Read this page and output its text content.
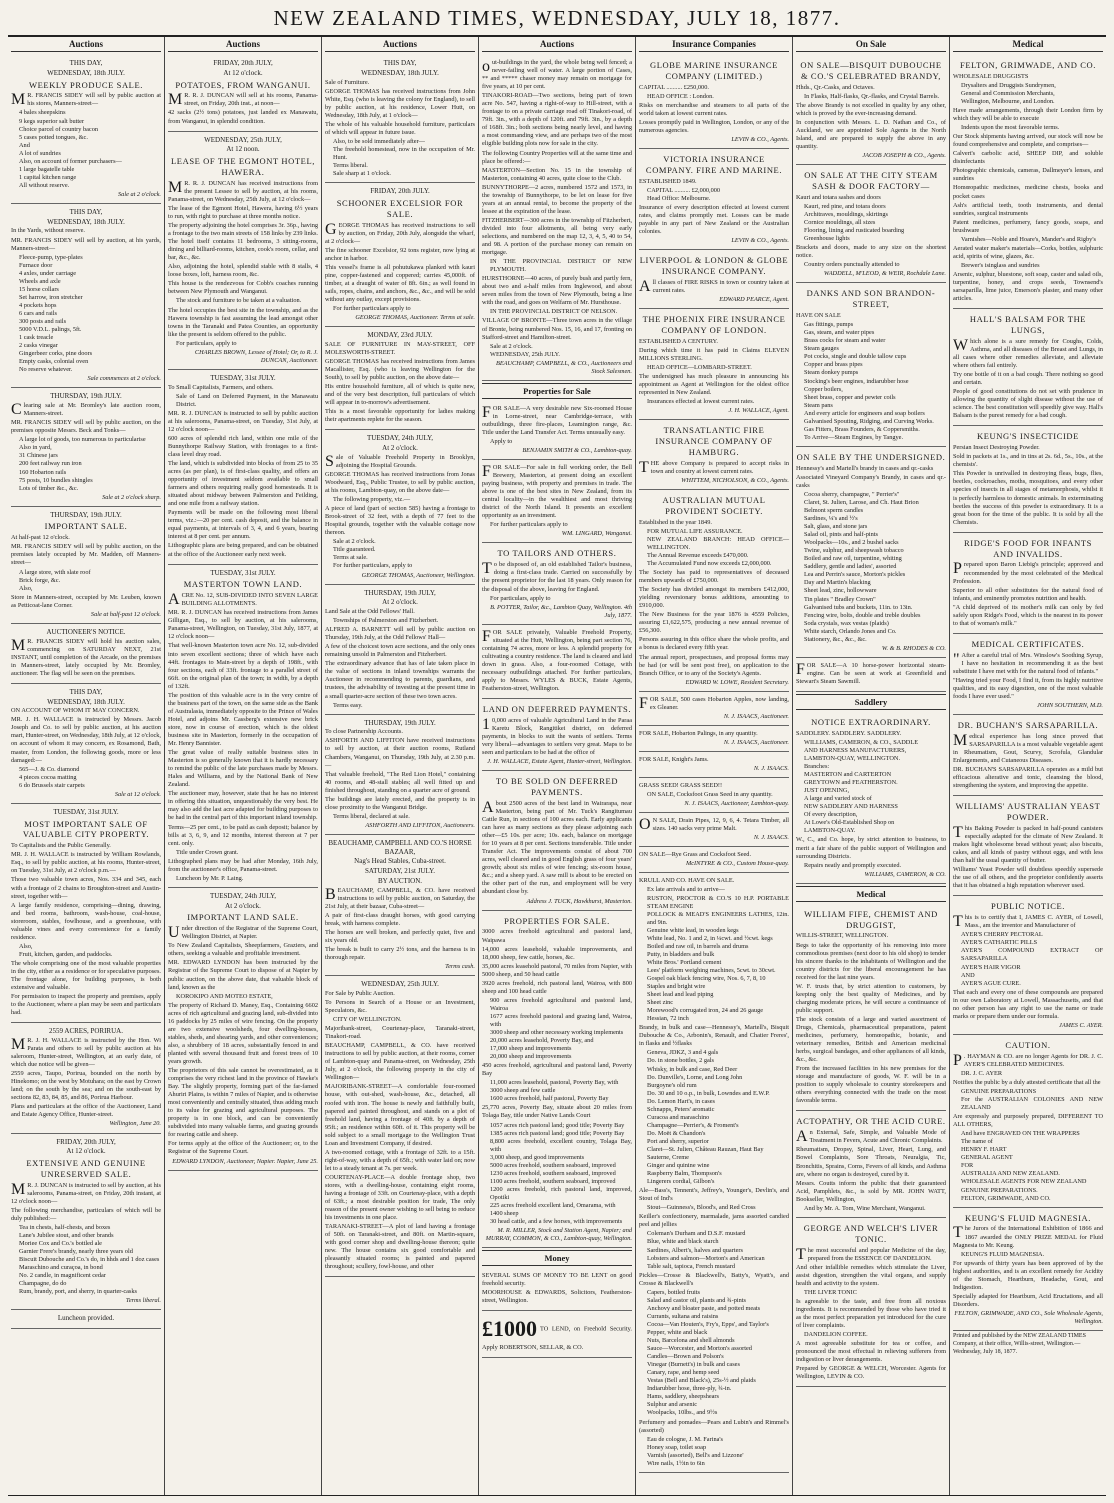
NEW ZEALAND TIMES, WEDNESDAY, JULY 18, 1877.
Auctions
THIS DAY,
WEDNESDAY, 18th JULY.
WEEKLY PRODUCE SALE.

M R. FRANCIS SIDEY will sell by public auction at his stores, Manners-street—

4 bales sheepskins

9 kegs superior salt butter

Choice parcel of country bacon

5 cases potted tongues, &c.

And

A lot of sundries

Also, on account of former purchasers—

1 large bagatelle table

1 capital kitchen range

All without reserve.

Sale at 2 o'clock.
THIS DAY,
WEDNESDAY, 18th JULY.

In the Yards, without reserve.

MR. FRANCIS SIDEY will sell by auction, at his yards, Manners-street—

Fleece-pump, type-plates

Furnace door

4 axles, under carriage

Wheels and axle

15 horse collars

Set harrow, iron stretcher

4 pockets hops

6 cars and rails

300 posts and rails

5000 V.D.L. palings, 5ft.

1 cask treacle

2 casks vinegar

Gingerbeer corks, pine doors

Empty casks, colonial oven

No reserve whatever.

Sale commences at 2 o'clock.
THURSDAY, 19th JULY.

Clearing sale at Mr. Bromley's late auction room, Manners-street.

MR. FRANCIS SIDEY will sell by public auction, on the premises opposite Messrs. Beck and Tonks—

A large lot of goods, too numerous to particularise

Also in yard,

31 Chinese jars

200 feet railway run iron

160 Hobarton rails

75 posts, 10 bundles shingles

Lots of timber &c., &c.

Sale at 2 o'clock sharp.
THURSDAY, 19th JULY.
IMPORTANT SALE.

At half-past 12 o'clock.

MR. FRANCIS SIDEY will sell by public auction, on the premises lately occupied by Mr. Madden, off Manners-street—

A large store, with slate roof

Brick forge, &c.

Also,

Store in Manners-street, occupied by Mr. Leuben, known as Petticoat-lane Corner.

Sale at half-past 12 o'clock.
AUCTIONEER'S NOTICE.

M R. FRANCIS SIDEY will hold his auction sales, commencing on SATURDAY NEXT, 21st INSTANT, until completion of the Arcade, on the premises in Manners-street, lately occupied by Mr. Bromley, auctioneer. The flag will be seen on the premises.

THIS DAY,
WEDNESDAY, 18th JULY.

ON ACCOUNT OF WHOM IT MAY CONCERN.

MR. J. H. WALLACE is instructed by Messrs. Jacob Joseph and Co. to sell by public auction, at his auction mart, Hunter-street, on Wednesday, 18th July, at 12 o'clock, on account of whom it may concern, ex Rosamond, Bath, master, from London, the following goods, more or less damaged:—

565—J. & Co. diamond

4 pieces cocoa matting

6 do Brussels stair carpets

Sale at 12 o'clock.
TUESDAY, 31st JULY.
MOST IMPORTANT SALE OF VALUABLE CITY PROPERTY.

To Capitalists and the Public Generally.

MR. J. H. WALLACE is instructed by William Rowlands, Esq., to sell by public auction, at his rooms, Hunter-street, on Tuesday, 31st July, at 2 o'clock p.m.—

Those two valuable town acres, Nos. 334 and 345, each with a frontage of 2 chains to Broughton-street and Austin-street, together with—

A large family residence, comprising—dining, drawing, and bed rooms, bathroom, wash-house, coal-house, storeroom, stables, fowlhouse, and a greenhouse, with valuable vines and every convenience for a family residence.

Also,

Fruit, kitchen, garden, and paddocks.

The whole comprising one of the most valuable properties in the city, either as a residence or for speculative purposes. The frontage alone, for building purposes, is both extensive and valuable.

For permission to inspect the property and premises, apply to the Auctioneer, where a plan may be seen and particulars had.

2559 ACRES, PORIRUA.

M R. J. H. WALLACE is instructed by the Hon. Wi Parata and others to sell by public auction at his saleroom, Hunter-street, Wellington, at an early date, of which due notice will be given—

2559 acres, Taupo, Porirua, bounded on the north by Hinekomo; on the west by Motuhara; on the east by Crown land; on the south by the sea; and on the south-east by sections 82, 83, 84, 85, and 86, Porirua Harbour.

Plans and particulars at the office of the Auctioneer, Land and Estate Agency Office, Hunter-street.

Wellington, June 20.
FRIDAY, 20th JULY,
At 12 o'clock.
EXTENSIVE AND GENUINE UNRESERVED SALE.

M R. J. DUNCAN is instructed to sell by auction, at his salerooms, Panama-street, on Friday, 20th instant, at 12 o'clock noon—

The following merchandise, particulars of which will be duly published:—

Tea in chests, half-chests, and boxes

Lane's Jubilee stout, and other brands

Moriee Cox and Co.'s bottled ale

Garnier Frere's brandy, nearly three years old

Biscuit Dubouche and Co.'s do, in hhds and 1 doz cases

Maraschino and curaçoa, in bond

No. 2 candle, in magnificent cedar

Champagne, do do

Rum, brandy, port, and sherry, in quarter-casks

Terms liberal.
Luncheon provided.
Auctions
FRIDAY, 20th JULY,
At 12 o'clock.
POTATOES, FROM WANGANUI.

M R. R. J. DUNCAN will sell at his rooms, Panama-street, on Friday, 20th inst., at noon—

42 sacks (2½ tons) potatoes, just landed ex Manawatu, from Wanganui, in splendid condition.

WEDNESDAY, 25th JULY,
At 12 noon.
LEASE OF THE EGMONT HOTEL, HAWERA.

M R. R. J. DUNCAN has received instructions from the present Lessee to sell by auction, at his rooms, Panama-street, on Wednesday, 25th July, at 12 o'clock—

The lease of the Egmont Hotel, Hawera, having 6½ years to run, with right to purchase at three months notice.

The property adjoining the hotel comprises 3r. 36p., having a frontage to the two main streets of 158 links by 239 links. The hotel itself contains 11 bedrooms, 3 sitting-rooms, dining and billiard-rooms, kitchen, cook's room, cellar, and bar, &c., &c.

Also, adjoining the hotel, splendid stable with 8 stalls, 4 loose boxes, loft, harness room, &c.

This house is the rendezvous for Cobb's coaches running between New Plymouth and Wanganui.

The stock and furniture to be taken at a valuation.

The hotel occupies the best site in the township, and as the Hawera township is fast assuming the lead amongst other towns in the Taranaki and Patea Counties, an opportunity like the present is seldom offered to the public.

For particulars, apply to

CHARLES BROWN, Lessee of Hotel; Or, to R. J. DUNCAN, Auctioneer.
TUESDAY, 31st JULY.

To Small Capitalists, Farmers, and others.

Sale of Land on Deferred Payment, in the Manawatu District.

MR. R. J. DUNCAN is instructed to sell by public auction at his salerooms, Panama-street, on Tuesday, 31st July, at 12 o'clock noon—

600 acres of splendid rich land, within one mile of the Bunnythorpe Railway Station, with frontages to a first-class level dray road.

The land, which is subdivided into blocks of from 25 to 35 acres (as per plan), is of first-class quality, and offers an opportunity of investment seldom available to small farmers and others requiring really good homesteads. It is situated about midway between Palmerston and Feilding, and one mile from a railway station.

Payments will be made on the following most liberal terms, viz.:—20 per cent. cash deposit, and the balance in equal payments, at intervals of 3, 4, and 6 years, bearing interest at 8 per cent. per annum.

Lithographic plans are being prepared, and can be obtained at the office of the Auctioneer early next week.

TUESDAY, 31st JULY.
MASTERTON TOWN LAND.

ACRE No. 12, SUB-DIVIDED INTO SEVEN LARGE BUILDING ALLOTMENTS.

MR. R. J. DUNCAN has received instructions from James Gilligan, Esq., to sell by auction, at his salerooms, Panama-street, Wellington, on Tuesday, 31st July, 1877, at 12 o'clock noon—

That well-known Masterton town acre No. 12, sub-divided into seven excellent sections; three of which have each 44ft. frontages to Main-street by a depth of 198ft., with four sections, each of 33ft. frontage to a parallel street of 66ft. on the original plan of the town; in width, by a depth of 132ft.

The position of this valuable acre is in the very centre of the business part of the town, on the same side as the Bank of Australasia, immediately opposite to the Prince of Wales Hotel, and adjoins Mr. Cassberg's extensive new brick store, now in course of erection, which is the oldest business site in Masterton, formerly in the occupation of Mr. Henry Bannister.

The great value of really suitable business sites in Masterton is so generally known that it is hardly necessary to remind the public of the late purchases made by Messrs. Hales and Williams, and by the National Bank of New Zealand.

The auctioneer may, however, state that he has no interest in offering this situation, unquestionably the very best. He may also add the last acre adapted for building purposes to be had in the central part of this important inland township.

Terms—25 per cent., to be paid as cash deposit; balance by bills at 3, 6, 9, and 12 months, interest thereon at 7 per cent. only.

Title under Crown grant.

Lithographed plans may be had after Monday, 16th July, from the auctioneer's office, Panama-street.

Luncheon by Mr. P. Laing.

TUESDAY, 24th JULY,
At 2 o'clock.
IMPORTANT LAND SALE.

Under direction of the Registrar of the Supreme Court, Wellington District, at Napier.

To New Zealand Capitalists, Sheepfarmers, Graziers, and others, seeking a valuable and profitable investment.

MR. EDWARD LYNDON has been instructed by the Registrar of the Supreme Court to dispose of at Napier by public auction, on the above date, that valuable block of land, known as the

KOROKIPO AND MOTEO ESTATE,

The property of Richard D. Maney, Esq., Containing 6602 acres of rich agricultural and grazing land, sub-divided into 16 paddocks by 25 miles of wire fencing. On the property are two extensive woolsheds, four dwelling-houses, stables, sheds, and shearing yards, and other conveniences; also, a shrubbery of 18 acres, substantially fenced in and planted with several thousand fruit and forest trees of 10 years growth.

The proprietors of this sale cannot be overestimated, as it comprises the very richest land in the province of Hawke's Bay. The slightly property, forming part of the far-famed Ahuriri Plains, is within 7 miles of Napier, and is otherwise most conveniently and centrally situated, thus adding much to its value for grazing and agricultural purposes. The property is in one block, and can be conveniently subdivided into many valuable farms, and grazing grounds for rearing cattle and sheep.

For terms apply at the office of the Auctioneer; or, to the Registrar of the Supreme Court.

EDWARD LYNDON, Auctioneer, Napier. Napier, June 25.
Auctions
THIS DAY,
WEDNESDAY, 18th JULY.

Sale of Furniture.

GEORGE THOMAS has received instructions from John White, Esq. (who is leaving the colony for England), to sell by public auction, at his residence, Lower Hutt, on Wednesday, 18th July, at 1 o'clock—

The whole of his valuable household furniture, particulars of which will appear in future issue.

Also, to be sold immediately after—

The freehold homestead, now in the occupation of Mr. Hunt.

Terms liberal.

Sale sharp at 1 o'clock.

FRIDAY, 20th JULY.
SCHOONER EXCELSIOR FOR SALE.

GEORGE THOMAS has received instructions to sell by auction, on Friday, 20th July, alongside the wharf, at 2 o'clock—

The fine schooner Excelsior, 92 tons register, now lying at anchor in harbor.

This vessel's frame is all pohutukawa planked with kauri pine, copper-fastened and coppered; carries 45,000ft. of timber, at a draught of water of 8ft. 6in.; as well found in sails, ropes, chains, and anchors, &c., &c., and will be sold without any outlay, except provisions.

For further particulars apply to

GEORGE THOMAS, Auctioneer. Terms at sale.
MONDAY, 23rd JULY.

SALE OF FURNITURE IN MAY-STREET, OFF MOLESWORTH-STREET.

GEORGE THOMAS has received instructions from James Macallister, Esq. (who is leaving Wellington for the South), to sell by public auction, on the above date—

His entire household furniture, all of which is quite new, and of the very best description, full particulars of which will appear in to-morrow's advertisement.

This is a most favorable opportunity for ladies making their apartments replete for the season.

TUESDAY, 24th JULY,
At 2 o'clock.

Sale of Valuable Freehold Property in Brooklyn, adjoining the Hospital Grounds.

GEORGE THOMAS has received instructions from Jonas Woodward, Esq., Public Trustee, to sell by public auction, at his rooms, Lambton-quay, on the above date—

The following property, viz.—

A piece of land (part of section 585) having a frontage to Brook-street of 32 feet, with a depth of 77 feet to the Hospital grounds, together with the valuable cottage now thereon.

Sale at 2 o'clock.

Title guaranteed.

Terms at sale.

For further particulars, apply to

GEORGE THOMAS, Auctioneer, Wellington.
THURSDAY, 19th JULY,
At 2 o'clock.

Land Sale at the Odd Fellows' Hall.

Townships of Palmerston and Fitzherbert.

ALFRED A. BARNETT will sell by public auction on Thursday, 19th July, at the Odd Fellows' Hall—

A few of the choicest town acre sections, and the only ones remaining unsold in Palmerston and Fitzherbert.

The extraordinary advance that has of late taken place in the value of sections in inland townships warrants the Auctioneer in recommending to parents, guardians, and trustees, the advisability of investing at the present time in a small quarter-acre section of these two town acres.

Terms easy.

THURSDAY, 19th JULY.

To close Partnership Accounts.

ASHFORTH AND LIFFITON have received instructions to sell by auction, at their auction rooms, Rutland Chambers, Wanganui, on Thursday, 19th July, at 2.30 p.m.—

That valuable freehold, "The Red Lion Hotel," containing 40 rooms, and 48-stall stables; all well fitted up and finished throughout, standing on a quarter acre of ground.

The buildings are lately erected, and the property is in close proximity to the Wanganui Bridge.

Terms liberal, declared at sale.

ASHFORTH AND LIFFITON, Auctioneers.
BEAUCHAMP, CAMPBELL AND CO.'S HORSE BAZAAR,
Nag's Head Stables, Cuba-street.
SATURDAY, 21st JULY.
BY AUCTION.

BEAUCHAMP, CAMPBELL, & CO. have received instructions to sell by public auction, on Saturday, the 21st July, at their bazaar, Cuba-street—

A pair of first-class draught horses, with good carrying break, with harness complete.

The horses are well broken, and perfectly quiet, five and six years old.

The break is built to carry 2½ tons, and the harness is in thorough repair.

Terms cash.
WEDNESDAY, 25th JULY.

For Sale by Public Auction.

To Persons in Search of a House or an Investment, Speculators, &c.

CITY OF WELLINGTON.

Majoribank-street, Courtenay-place, Taranaki-street, Tinakori-road.

BEAUCHAMP, CAMPBELL, & CO. have received instructions to sell by public auction, at their rooms, corner of Lambton-quay and Panama-street, on Wednesday, 25th July, at 2 o'clock, the following property in the city of Wellington—

MAJORIBANK-STREET—A comfortable four-roomed house, with out-shed, wash-house, &c., detached, all roofed with iron. The house is newly and faithfully built, papered and painted throughout, and stands on a plot of freehold land, having a frontage of 40ft. by a depth of 95ft.; an residence within 60ft. of it. This property will be sold subject to a small mortgage to the Wellington Trust Loan and Investment Company, if desired.

A two-roomed cottage, with a frontage of 32ft. to a 15ft. right-of-way, with a depth of 65ft.; with water laid on; now let to a steady tenant at 7s. per week.

COURTENAY-PLACE—A double frontage shop, two stores, with a dwelling-house, containing eight rooms, having a frontage of 33ft. on Courtenay-place, with a depth of 63ft.; a most desirable position for trade, The only reason of the present owner wishing to sell being to reduce his investments in one place.

TARANAKI-STREET—A plot of land having a frontage of 50ft. on Taranaki-street, and 80ft. on Martin-square, with good corner shop and dwelling-house thereon; quite new. The house contains six good comfortable and pleasantly situated rooms; is painted and papered throughout; scullery, fowl-house, and other

Auctions

out-buildings in the yard, the whole being well fenced; a never-failing well of water. A large portion of Cases, ** and ***** chaser money may remain on mortgage for five years, at 10 per cent.

TINAKORI-ROAD—Two sections, being part of town acre No. 547, having a right-of-way to Hill-street, with a frontage to on a private carriage road off Tinakori-road, of 79ft. 3in., with a depth of 120ft. and 79ft. 3in., by a depth of 168ft. 3in.; both sections being nearly level, and having a most commanding view, and are perhaps two of the most eligible building plots now for sale in the city.

The following Country Properties will at the same time and place be offered:—

MASTERTON—Section No. 15 in the township of Masterton, containing 40 acres, quite close to the Club.

BUNNYTHORPE—2 acres, numbered 1572 and 1573, in the township of Bunnythorpe, to be let on lease for five years at an annual rental, to become the property of the lessee at the expiration of the lease.

FITZHERBERT—300 acres in the township of Fitzherbert, divided into four allotments, all being very early selections, and numbered on the map 12, 3, 4, 5, 40 to 54, and 98. A portion of the purchase money can remain on mortgage.

IN THE PROVINCIAL DISTRICT OF NEW PLYMOUTH.

HURSTHORNE—40 acres, of purely bush and partly fern, about two and a-half miles from Inglewood, and about seven miles from the town of New Plymouth, being a line with the road, and goes on Welfarm of Mr. Hursthouse.

IN THE PROVINCIAL DISTRICT OF NELSON.

VILLAGE OF BRONTE—Three town acres in the village of Bronte, being numbered Nos. 15, 16, and 17, fronting on Stafford-street and Hamilton-street.

Sale at 2 o'clock.

WEDNESDAY, 25th JULY.

BEAUCHAMP, CAMPBELL, & CO., Auctioneers and Stock Salesmen.
Properties for Sale

FOR SALE—A very desirable new Six-roomed House in Lorne-street, near Cambridge-terrace, with outbuildings, three fire-places, Leamington range, &c. Title under the Land Transfer Act. Terms unusually easy.

Apply to

BENJAMIN SMITH & CO., Lambton-quay.

FOR SALE—For sale in full working order, the Bell Brewery, Masterton, at present doing an excellent paying business, with property and premises in trade. The above is one of the best sites in New Zealand, from its central locality—in the wealthiest and most thriving district of the North Island. It presents an excellent opportunity as an investment.

For further particulars apply to

WM. LINGARD, Wanganui.
TO TAILORS AND OTHERS.

To be disposed of, an old established Tailor's business, doing a first-class trade. Carried on successfully by the present proprietor for the last 18 years. Only reason for the disposal of the above, leaving for England.

For particulars, apply to

B. POTTER, Tailor, &c., Lambton Quay, Wellington. 4th July, 1877.

FOR SALE privately, Valuable Freehold Property, situated at the Hutt, Wellington, being part section 76, containing 74 acres, more or less. A splendid property for cultivating a country residence. The land is cleared and laid down in grass. Also, a four-roomed Cottage, with necessary outbuildings attached. For further particulars, apply to Messrs. WYLES & BUCK, Estate Agents, Featherston-street, Wellington.

LAND ON DEFERRED PAYMENTS.

1 0,000 acres of valuable Agricultural Land in the Paraa Karetu Block, Rangitikei district, on deferred payments, in blocks to suit the wants of settlers. Terms very liberal—advantages to settlers very great. Maps to be seen and particulars to be had at the office of

J. H. WALLACE, Estate Agent, Hunter-street, Wellington.
TO BE SOLD ON DEFERRED PAYMENTS.

About 2500 acres of the best land in Wairarapa, near Masterton, being part of Mr. Tuck's Rangitumau Cattle Run, in sections of 100 acres each. Early applicants can have as many sections as they please adjoining each other—£5 10s. per acre; 10s. each, balance on mortgage for 10 years at 8 per cent. Sections transferable. Title under Transfer Act. The improvements consist of about 700 acres, well cleared and in good English grass of four years' growth; about six miles of wire fencing; six-room house, &c.; and a sheep yard. A saw mill is about to be erected on the other part of the run, and employment will be very abundant close by.

Address J. TUCK, Hawkhurst, Masterton.
PROPERTIES FOR SALE.

3000 acres freehold agricultural and pastoral land, Waipawa

14,000 acres leasehold, valuable improvements, and 18,000 sheep, few cattle, horses, &c.

35,000 acres leasehold pastoral, 70 miles from Napier, with 5000 sheep, and 50 head cattle

3920 acres freehold, rich pastoral land, Wairoa, with 800 sheep and 100 head cattle

900 acres freehold agricultural and pastoral land, Wairoa

1677 acres freehold pastoral and grazing land, Wairoa, with

3000 sheep and other necessary working implements

20,000 acres leasehold, Poverty Bay, and

17,000 sheep and improvements

20,000 sheep and improvements

450 acres freehold, agricultural and pastoral land, Poverty Bay

11,000 acres leasehold, pastoral, Poverty Bay, with

3000 sheep and few cattle

1600 acres freehold, half pastoral, Poverty Bay

25,770 acres, Poverty Bay, situate about 20 miles from Tolaga Bay, title under Native Lands Court

1057 acres rich pastoral land; good title; Poverty Bay

1385 acres rich pastoral land; good title; Poverty Bay

8,800 acres freehold, excellent country, Tolaga Bay, with

3,000 sheep, and good improvements

5000 acres freehold, southern seaboard, improved

1230 acres freehold, southern seaboard, improved

1100 acres freehold, southern seaboard, improved

1200 acres freehold, rich pastoral land, improved, Opotiki

225 acres freehold excellent land, Omarama, with

1400 sheep

30 head cattle, and a few horses, with improvements

M. R. MILLER, Stock and Station Agent, Napier; and MURRAY, COMMON, & CO., Lambton-quay, Wellington.
Money

SEVERAL SUMS OF MONEY TO BE LENT on good freehold security.

MOORHOUSE & EDWARDS, Solicitors, Featherston-street, Wellington.

£1000 TO LEND, on Freehold Security. Apply ROBERTSON, SELLAR, & CO.

Insurance Companies
GLOBE MARINE INSURANCE COMPANY (LIMITED.)

CAPITAL .......... £250,000.

HEAD OFFICE : London.

Risks on merchandise and steamers to all parts of the world taken at lowest current rates.

Losses promptly paid in Wellington, London, or any of the numerous agencies.

LEVIN & CO., Agents.
VICTORIA INSURANCE COMPANY. FIRE AND MARINE.

ESTABLISHED 1849.

CAPITAL .......... £2,000,000

Head Office: Melbourne.

Insurance of every description effected at lowest current rates, and claims promptly met. Losses can be made payable in any part of New Zealand or the Australian colonies.

LEVIN & CO., Agents.
LIVERPOOL & LONDON & GLOBE INSURANCE COMPANY.

All classes of FIRE RISKS in town or country taken at current rates.

EDWARD PEARCE, Agent.
THE PHOENIX FIRE INSURANCE COMPANY OF LONDON.

ESTABLISHED A CENTURY.

During which time it has paid in Claims ELEVEN MILLIONS STERLING.

HEAD OFFICE—LOMBARD-STREET.

The undersigned has much pleasure in announcing his appointment as Agent at Wellington for the oldest office represented in New Zealand.

Insurances effected at lowest current rates.

J. H. WALLACE, Agent.
TRANSATLANTIC FIRE INSURANCE COMPANY OF HAMBURG.

THE above Company is prepared to accept risks in town and country at lowest current rates.

WHITTEM, NICHOLSON, & CO., Agents.
AUSTRALIAN MUTUAL PROVIDENT SOCIETY.

Established in the year 1849.

FOR MUTUAL LIFE ASSURANCE.

NEW ZEALAND BRANCH: HEAD OFFICE—WELLINGTON.

The Annual Revenue exceeds £470,000.

The Accumulated Fund now exceeds £2,000,000.

The Society has paid to representatives of deceased members upwards of £750,000.

The Society has divided amongst its members £412,000, yielding reversionary bonus additions, amounting to £910,000.

The New Business for the year 1876 is 4559 Policies, assuring £1,622,575, producing a new annual revenue of £56,300.

Persons assuring in this office share the whole profits, and a bonus is declared every fifth year.

The annual report, prospectuses, and proposal forms may be had (or will be sent post free), on application to the Branch Office, or to any of the Society's Agents.

EDWARD W. LOWE, Resident Secretary.

FOR SALE, 500 cases Hobarton Apples, now landing, ex Gleaner.

N. J. ISAACS, Auctioneer.

FOR SALE, Hobarton Palings, in any quantity.

N. J. ISAACS, Auctioneer.

FOR SALE, Knight's Jams.

N. J. ISAACS.

GRASS SEED! GRASS SEED!!

ON SALE, Cocksfoot Grass Seed in any quantity.

N. J. ISAACS, Auctioneer, Lambton-quay.

O N SALE, Drain Pipes, 12, 9, 6, 4. Tetara Timber, all sizes. 140 sacks very prime Malt.

N. J. ISAACS.

ON SALE—Rye Grass and Cocksfoot Seed.

McINTYRE & CO., Custom House-quay.

KRULL AND CO. HAVE ON SALE.

Ex late arrivals and to arrive—

RUSTON, PROCTOR & CO.'S 10 H.P. PORTABLE STEAM ENGINE

POLLOCK & MEAD'S ENGINEERS LATHES, 12in. and 9in.

Genuine white lead, in wooden kegs

White lead, No. 1 and 2, in ¼cwt. and ½cwt. kegs

Boiled and raw oil, in barrels and drums

Putty, in bladders and bulk

White Bros.' Portland cement

Lees' platform weighing machines, 5cwt. to 30cwt.

Gospel oak black fencing wire, Nos. 6, 7, 8, 10

Staples and bright wire

Sheet lead and lead piping

Sheet zinc

Morewood's corrugated iron, 24 and 26 gauge

Hessian, 72 inch

Brandy, in bulk and case—Hennessy's, Martell's, Bisquit Dubouche & Co., Arbonin's, Renault, and Chatier Freres', in flasks and ½flasks

Geneva, JDKZ, 3 and 4 gals

Do. in stone bottles, 2 gals

Whisky, in bulk and case, Red Deer

Do. Dunville's, Lorne, and Long John

Burgoyne's old rum

Do. 30 and 10 o.p., in bulk, Lowndes and E.W.P.

Do. Lemon Hart's, in cases

Schnapps, Peters' aromatic

Curacoa and maraschino

Champagne—Perrier's, & Froment's

Do. Moët & Chandon's

Port and sherry, superior

Claret—St. Julien, Château Rauzan, Haut Bay

Sauterne, Creme

Ginger and quinine wine

Raspberry Balm, Thompson's

Lingerers cordial, Gilbon's

Ale—Bass's, Tennent's, Jeffrey's, Younger's, Devlin's, and Stout of Ind's

Stout—Guinness's, Blood's, and Red Cross

Keiller's confectionery, marmalade, jams assorted candied peel and jellies

Coleman's Durham and D.S.F. mustard

Blue, white and black starch

Sardines, Albert's, halves and quarters

Lobsters and salmon—Morton's and American

Table salt, tapioca, French mustard

Pickles—Crosse & Blackwell's, Batty's, Wyatt's, and Crosse & Blackwell's

Capers, bottled fruits

Salad and castor oil, plants and ¾-pints

Anchovy and bloater paste, and potted meats

Currants, sultana and raisins

Cocoa—Van Houten's, Fry's, Epps', and Taylor's

Pepper, white and black

Nuts, Barcelona and shell almonds

Sauce—Worcester, and Morton's assorted

Candles—Brown and Polson's

Vinegar (Burnett's) in bulk and cases

Canary, rape, and hemp seed

Vestas (Bell and Black's), 25s-½ and plaids

Indiarubber hose, three-ply, ¾-in.

Hams, saddlery, sheepshears

Sulphur and arsenic

Woolpacks, 10lbs., and 9½s

Perfumery and pomades—Pears and Lubin's and Rimmel's (assorted)

Eau de cologne, J. M. Farina's

Honey soap, toilet soap

Varnish (assorted), Bell's and Lizzone'

Wire nails, 1½in to 6in

On Sale
ON SALE—BISQUIT DUBOUCHE & CO.'S CELEBRATED BRANDY,

Hhds., Qr.-Casks, and Octaves.

In Flasks, Half-flasks, Qr.-flasks, and Crystal Barrels.

The above Brandy is not excelled in quality by any other, which is proved by the ever-increasing demand.

In conjunction with Messrs. L. D. Nathan and Co., of Auckland, we are appointed Sole Agents in the North Island, and are prepared to supply the above in any quantity.

JACOB JOSEPH & CO., Agents.
ON SALE AT THE CITY STEAM SASH & DOOR FACTORY—

Kauri and totara sashes and doors

Kauri, red pine, and totara doors

Architraves, mouldings, skirtings

Cornice mouldings, all sizes

Flooring, lining and rusticated boarding

Greenhouse lights

Brackets and doors, made to any size on the shortest notice.

Country orders punctually attended to

WADDELL, M'LEOD, & WEIR, Rochdale Lane.
DANKS AND SON BRANDON-STREET,

HAVE ON SALE

Gas fittings, pumps

Gas, steam, and water pipes

Brass cocks for steam and water

Steam gauges

Pot cocks, single and double tallow cups

Copper and brass pipes

Steam donkey pumps

Stocking's beer engines, indiarubber hose

Copper boilers,

Sheet brass, copper and pewter coils

Steam pans

And every article for engineers and soap boilers

Galvanised Spouting, Ridging, and Curving Works.

Gas Fitters, Brass Founders, & Coppersmiths.

To Arrive—Steam Engines, by Tangye.

ON SALE BY THE UNDERSIGNED.

Hennessy's and Martell's brandy in cases and qr.-casks

Associated Vineyard Company's Brandy, in cases and qr.-casks

Cocoa sherry, champagne, " Perrier's"

Claret, St. Julien, Larose, and Ch. Haut Brion

Belmont sperm candles

Sardines, ¼'s and ½'s

Salt, glass, and stone jars

Salad oil, pints and half-pints

Woolpacks—10s., and 2 bushel sacks

Twine, sulphur, and sheepwash tobacco

Boiled and raw oil, turpentine, whiting

Saddlery, gentle and ladies', assorted

Lea and Perrin's sauce, Morton's pickles

Day and Martin's blacking

Sheet lead, zinc, hollowware

Tin plates " Bradley Crown"

Galvanised tubs and buckets, 11in. to 13in.

Fencing wire, bolts, double and treble doubles

Soda crystals, wax vestas (plaids)

White starch, Orlando Jones and Co.

Stationery, &c., &c., &c.

W. & B. RHODES & CO.

FOR SALE—A 10 horse-power horizontal steam-engine. Can be seen at work at Greenfield and Stewart's Steam Sawmill.

Saddlery
NOTICE EXTRAORDINARY.

SADDLERY. SADDLERY. SADDLERY.

WILLIAMS, CAMERON, & CO., SADDLE

AND HARNESS MANUFACTURERS,

LAMBTON-QUAY, WELLINGTON.

Branches:

MASTERTON and CARTERTON

GREYTOWN and FEATHERSTON.

JUST OPENING,

A large and varied stock of

NEW SADDLERY AND HARNESS

Of every description,

At Lowe's Old-Established Shop on

LAMBTON-QUAY.

W., C., and Co. hope, by strict attention to business, to merit a fair share of the public support of Wellington and surrounding Districts.

Repairs neatly and promptly executed.

WILLIAMS, CAMERON, & CO.
Medical
WILLIAM FIFE, CHEMIST AND DRUGGIST,

WILLIS-STREET, WELLINGTON.

Begs to take the opportunity of his removing into more commodious premises (next door to his old shop) to tender his sincere thanks to the inhabitants of Wellington and the country districts for the liberal encouragement he has received for the last nine years.

W. F. trusts that, by strict attention to customers, by keeping only the best quality of Medicines, and by charging moderate prices, he will secure a continuance of public support.

The stock consists of a large and varied assortment of Drugs, Chemicals, pharmaceutical preparations, patent medicines, perfumery, homœopathic, botanic, and veterinary remedies, British and American medicinal herbs, surgical bandages, and other appliances of all kinds, &c., &c.

From the increased facilities in his new premises for the storage and manufacture of goods, W. F. will be in a position to supply wholesale to country storekeepers and others everything connected with the trade on the most favorable terms.

ACTOPATHY, OR THE ACID CURE.

An External, Safe, Simple, and Valuable Mode of Treatment in Fevers, Acute and Chronic Complaints.

Rheumatism, Dropsy, Spinal, Liver, Heart, Lung, and Bowel Complaints, Sore Throats, Neuralgia, Tic, Bronchitis, Sprains, Corns, Fevers of all kinds, and Asthma are, where no organ is destroyed, cured by it.

Messrs. Coutts inform the public that their guaranteed Acid, Pamphlets, &c., is sold by MR. JOHN WATT, Bookseller, Wellington,

And by Mr. A. Tom, Wine Merchant, Wanganui.

GEORGE AND WELCH'S LIVER TONIC.

The most successful and popular Medicine of the day, prepared from the ESSENCE OF DANDELION.

And other infallible remedies which stimulate the Liver, assist digestion, strengthen the vital organs, and supply health and activity to the system.

THE LIVER TONIC

Is agreeable to the taste, and free from all noxious ingredients. It is recommended by those who have tried it as the most perfect preparation yet introduced for the cure of liver complaints.

DANDELION COFFEE.

A most agreeable substitute for tea or coffee, and pronounced the most effectual in relieving sufferers from indigestion or liver derangements.

Prepared by GEORGE & WELCH, Worcester. Agents for Wellington, LEVIN & CO.

Medical
FELTON, GRIMWADE, AND CO.

WHOLESALE DRUGGISTS

Drysalters and Druggists Sundrymen,

General and Commission Merchants,

Wellington, Melbourne, and London.

Have made arrangements, through their London firm by which they will be able to execute

Indents upon the most favorable terms.

Our Stock shipments having arrived, our stock will now be found comprehensive and complete, and comprises—

Calvert's carbolic acid, SHEEP DIP, and soluble disinfectants

Photographic chemicals, cameras, Dallmeyer's lenses, and sundries

Homœopathic medicines, medicine chests, books and pocket cases

Ash's artificial teeth, tooth instruments, and dental sundries, surgical instruments

Patent medicines, perfumery, fancy goods, soaps, and brushware

Varnishes—Noble and Hoare's, Mander's and Rigby's

Aerated water maker's materials—Corks, bottles, sulphuric acid, spirits of wine, glazes, &c.

Brewer's isinglass and sundries

Arsenic, sulphur, bluestone, soft soap, caster and salad oils, turpentine, honey, and crops seeds, Townsend's sarsaparilla, lime juice, Emerson's plaster, and many other articles.

HALL'S BALSAM FOR THE LUNGS,

Which alone is a sure remedy for Coughs, Colds, Asthma, and all diseases of the Breast and Lungs, in all cases where other remedies alleviate, and alleviate where others fail entirely.

Try one bottle of it on a bad cough. There nothing so good and certain.

People of good constitutions do not set with prudence in allowing the quantity of slight disease without the use of science. The best constitution will speedily give way. Hall's Balsam is the purest remedy for a bad cough.

KEUNG'S INSECTICIDE

Persian Insect Destroying Powder.

Sold in packets at 1s., and in tins at 2s. 6d., 5s., 10s., at the chemists'.

This Powder is unrivalled in destroying fleas, bugs, flies, beetles, cockroaches, moths, mosquitoes, and every other species of insects in all stages of metamorphosis, whilst it is perfectly harmless to domestic animals. In exterminating beetles the success of this powder is extraordinary. It is a great boon for the time of the public. It is sold by all the Chemists.

RIDGE'S FOOD FOR INFANTS AND INVALIDS.

Prepared upon Baron Liebig's principle; approved and recommended by the most celebrated of the Medical Profession.

Superior to all other substitutes for the natural food of infants, and eminently promotes nutrition and health.

"A child deprived of its mother's milk can only by fed safely upon Ridge's Food, which is the nearest in its power to that of woman's milk."

MEDICAL CERTIFICATES.

" After a careful trial of Mrs. Winslow's Soothing Syrup, I have no hesitation in recommending it as the best substitute I have met with for the natural food of infants."

"Having tried your Food, I find it, from its highly nutritive qualities, and its easy digestion, one of the most valuable foods I have ever used."

JOHN SOUTHERN, M.D.
DR. BUCHAN'S SARSAPARILLA.

Medical experience has long since proved that SARSAPARILLA is a most valuable vegetable agent in Rheumatism, Gout, Scurvy, Scrofula, Glandular Enlargements, and Cutaneous Diseases.

DR. BUCHAN'S SARSAPARILLA operates as a mild but efficacious alterative and tonic, cleansing the blood, strengthening the system, and improving the appetite.

WILLIAMS' AUSTRALIAN YEAST POWDER.

This Baking Powder is packed in half-pound canisters especially adapted for the climate of New Zealand. It makes light wholesome bread without yeast; also biscuits, cakes, and all kinds of pastry without eggs, and with less than half the usual quantity of butter.

Williams' Yeast Powder will doubtless speedily supersede the use of all others, and the proprietor confidently asserts that it has obtained a high reputation wherever used.

PUBLIC NOTICE.

This is to certify that I, JAMES C. AYER, of Lowell, Mass., am the inventor and Manufacturer of

AYER'S CHERRY PECTORAL

AYER'S CATHARTIC PILLS

AYER'S COMPOUND EXTRACT OF SARSAPARILLA

AYER'S HAIR VIGOR

AND

AYER'S AGUE CURE.

That each and every one of these compounds are prepared in our own Laboratory at Lowell, Massachusetts, and that no other person has any right to use the name or trade marks or prepare them under our formula.

JAMES C. AYER.
CAUTION.

P . HAYMAN & CO. are no longer Agents for DR. J. C. AYER'S CELEBRATED MEDICINES.

DR. J. C. AYER

Notifies the public by a duly attested certificate that all the

GENUINE PREPARATIONS

For the AUSTRALIAN COLONIES AND NEW ZEALAND

Are expressly and purposely prepared, DIFFERENT TO ALL OTHERS,

And have ENGRAVED ON THE WRAPPERS

The name of

HENRY F. HART

GENERAL AGENT

FOR

AUSTRALIA AND NEW ZEALAND.

WHOLESALE AGENTS FOR NEW ZEALAND

GENUINE PREPARATIONS.

FELTON, GRIMWADE, AND CO.

KEUNG'S FLUID MAGNESIA.

The Jurors of the International Exhibition of 1866 and 1867 awarded the ONLY PRIZE MEDAL for Fluid Magnesia to Mr. Keung.

KEUNG'S FLUID MAGNESIA.

For upwards of thirty years has been approved of by the highest authorities, and is an excellent remedy for Acidity of the Stomach, Heartburn, Headache, Gout, and Indigestion.

Specially adapted for Heartburn, Acid Eructations, and all Disorders.

FELTON, GRIMWADE, AND CO., Sole Wholesale Agents, Wellington.
Printed and published by the NEW ZEALAND TIMES Company, at their office, Willis-street, Wellington.—Wednesday, July 18, 1877.
